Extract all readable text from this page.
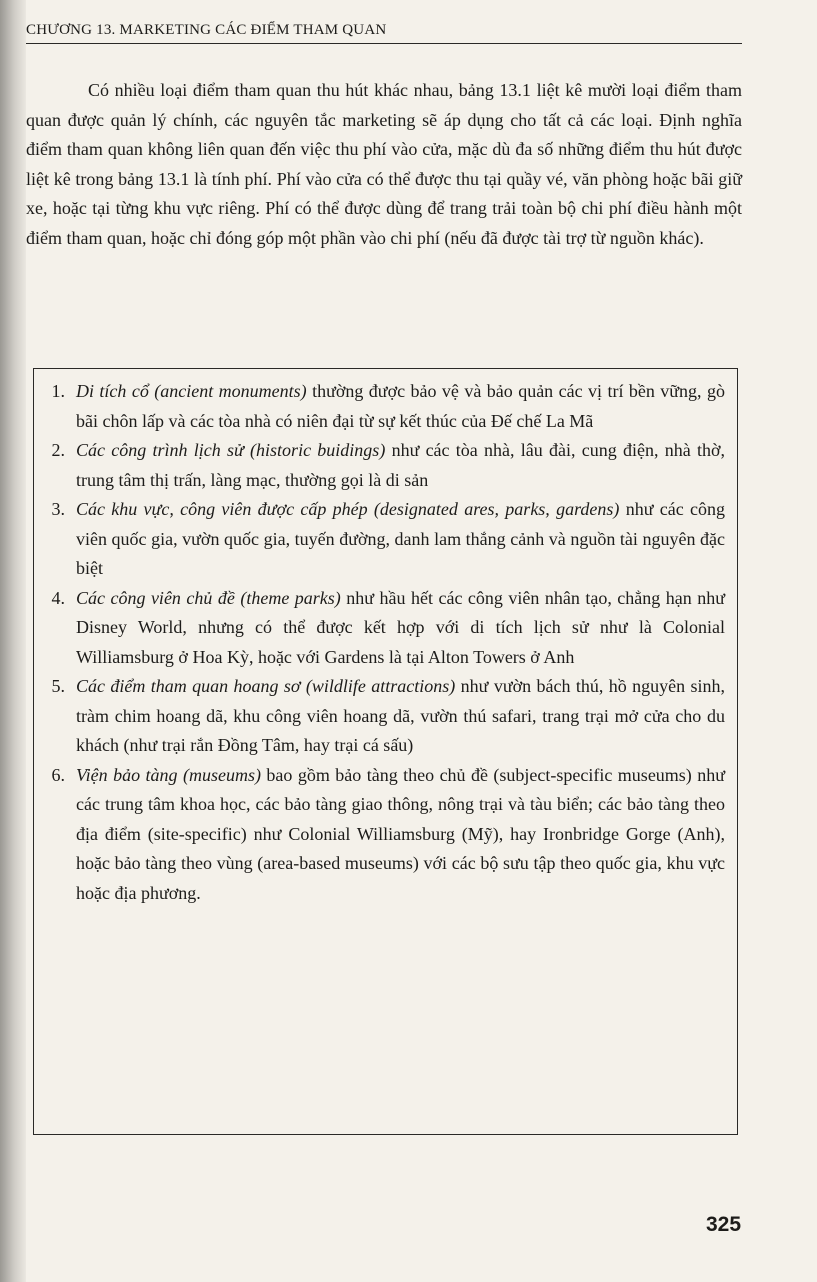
CHƯƠNG 13. MARKETING CÁC ĐIỂM THAM QUAN
Có nhiều loại điểm tham quan thu hút khác nhau, bảng 13.1 liệt kê mười loại điểm tham quan được quản lý chính, các nguyên tắc marketing sẽ áp dụng cho tất cả các loại. Định nghĩa điểm tham quan không liên quan đến việc thu phí vào cửa, mặc dù đa số những điểm thu hút được liệt kê trong bảng 13.1 là tính phí. Phí vào cửa có thể được thu tại quầy vé, văn phòng hoặc bãi giữ xe, hoặc tại từng khu vực riêng. Phí có thể được dùng để trang trải toàn bộ chi phí điều hành một điểm tham quan, hoặc chỉ đóng góp một phần vào chi phí (nếu đã được tài trợ từ nguồn khác).
1. Di tích cổ (ancient monuments) thường được bảo vệ và bảo quản các vị trí bền vững, gò bãi chôn lấp và các tòa nhà có niên đại từ sự kết thúc của Đế chế La Mã
2. Các công trình lịch sử (historic buidings) như các tòa nhà, lâu đài, cung điện, nhà thờ, trung tâm thị trấn, làng mạc, thường gọi là di sản
3. Các khu vực, công viên được cấp phép (designated ares, parks, gardens) như các công viên quốc gia, vườn quốc gia, tuyến đường, danh lam thắng cảnh và nguồn tài nguyên đặc biệt
4. Các công viên chủ đề (theme parks) như hầu hết các công viên nhân tạo, chẳng hạn như Disney World, nhưng có thể được kết hợp với di tích lịch sử như là Colonial Williamsburg ở Hoa Kỳ, hoặc với Gardens là tại Alton Towers ở Anh
5. Các điểm tham quan hoang sơ (wildlife attractions) như vườn bách thú, hồ nguyên sinh, tràm chim hoang dã, khu công viên hoang dã, vườn thú safari, trang trại mở cửa cho du khách (như trại rắn Đồng Tâm, hay trại cá sấu)
6. Viện bảo tàng (museums) bao gồm bảo tàng theo chủ đề (subject-specific museums) như các trung tâm khoa học, các bảo tàng giao thông, nông trại và tàu biển; các bảo tàng theo địa điểm (site-specific) như Colonial Williamsburg (Mỹ), hay Ironbridge Gorge (Anh), hoặc bảo tàng theo vùng (area-based museums) với các bộ sưu tập theo quốc gia, khu vực hoặc địa phương.
325
